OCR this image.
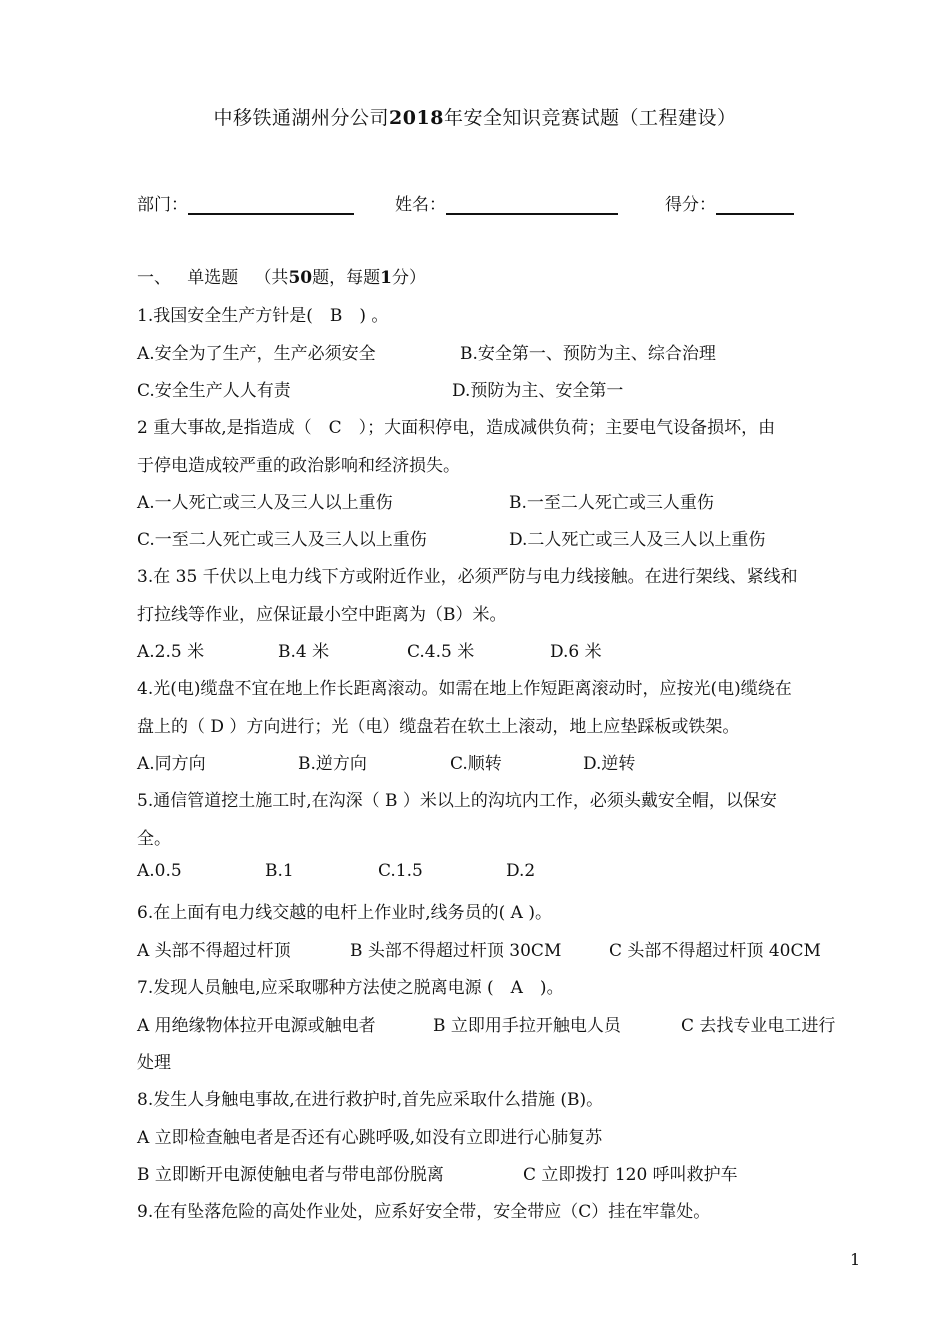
中移铁通湖州分公司2018年安全知识竞赛试题（工程建设）
部门：	姓名：	得分：
一、 单选题 （共50题，每题1分）
1.我国安全生产方针是(　B　) 。
A.安全为了生产，生产必须安全	B.安全第一、预防为主、综合治理
C.安全生产人人有责	D.预防为主、安全第一
2 重大事故,是指造成（　C　）；大面积停电，造成减供负荷；主要电气设备损坏，由
于停电造成较严重的政治影响和经济损失。
A.一人死亡或三人及三人以上重伤	B.一至二人死亡或三人重伤
C.一至二人死亡或三人及三人以上重伤	D.二人死亡或三人及三人以上重伤
3.在 35 千伏以上电力线下方或附近作业，必须严防与电力线接触。在进行架线、紧线和
打拉线等作业，应保证最小空中距离为（B）米。
A.2.5 米	B.4 米	C.4.5 米	D.6 米
4.光(电)缆盘不宜在地上作长距离滚动。如需在地上作短距离滚动时，应按光(电)缆绕在
盘上的（ D ）方向进行；光（电）缆盘若在软土上滚动，地上应垫踩板或铁架。
A.同方向	B.逆方向	C.顺转	D.逆转
5.通信管道挖土施工时,在沟深（ B ）米以上的沟坑内工作，必须头戴安全帽，以保安
全。
A.0.5	B.1	C.1.5	D.2
6.在上面有电力线交越的电杆上作业时,线务员的( A )。
A 头部不得超过杆顶	B 头部不得超过杆顶 30CM	C 头部不得超过杆顶 40CM
7.发现人员触电,应采取哪种方法使之脱离电源 (　A　)。
A 用绝缘物体拉开电源或触电者	B 立即用手拉开触电人员	C 去找专业电工进行
处理
8.发生人身触电事故,在进行救护时,首先应采取什么措施 (B)。
A 立即检查触电者是否还有心跳呼吸,如没有立即进行心肺复苏
B 立即断开电源使触电者与带电部份脱离	C 立即拨打 120 呼叫救护车
9.在有坠落危险的高处作业处，应系好安全带，安全带应（C）挂在牢靠处。
1
